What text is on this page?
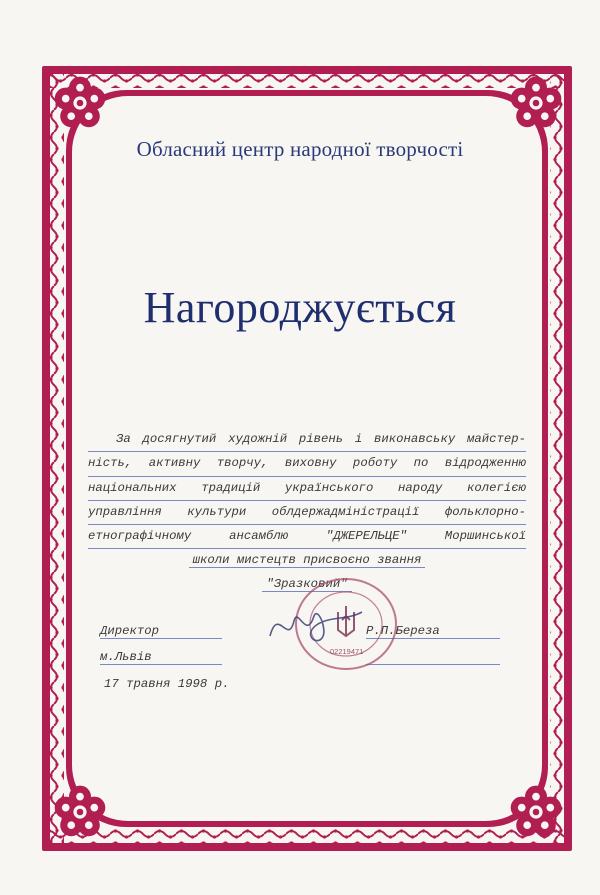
Обласний центр народної творчості
Нагороджується
За досягнутий художній рівень і виконавську майстер-
ність, активну творчу, виховну роботу по відродженню
національних традицій українського народу колегією
управління культури облдержадміністрації фольклорно-
етнографічному ансамблю "ДЖЕРЕЛЬЦЕ" Моршинської
школи мистецтв присвоєно звання
"Зразковий"
Директор
м.Львів
17 травня 1998 р.
Р.П.Береза
02219471
